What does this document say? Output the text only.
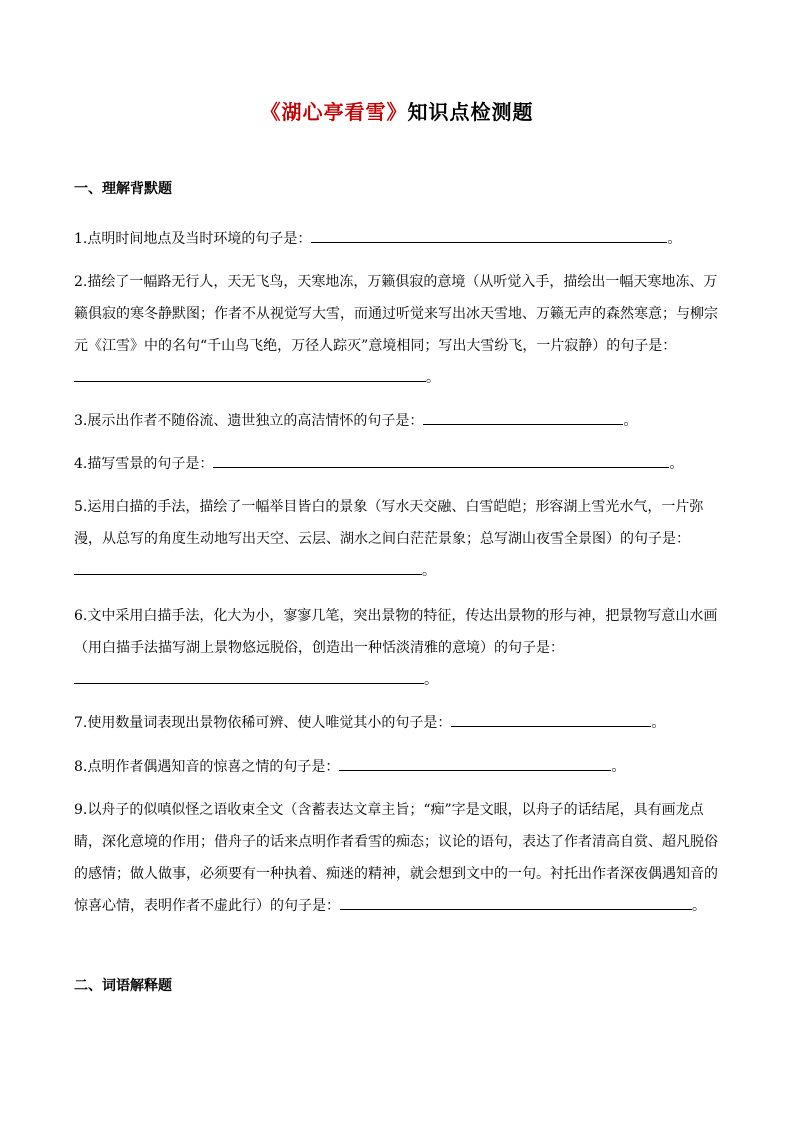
《湖心亭看雪》知识点检测题
一、理解背默题

1.点明时间地点及当时环境的句子是：	。

2.描绘了一幅路无行人，天无飞鸟，天寒地冻，万籁俱寂的意境（从听觉入手，描绘出一幅天寒地冻、万籁俱寂的寒冬静默图；作者不从视觉写大雪，而通过听觉来写出冰天雪地、万籁无声的森然寒意；与柳宗元《江雪》中的名句“千山鸟飞绝，万径人踪灭”意境相同；写出大雪纷飞，一片寂静）的句子是：。

3.展示出作者不随俗流、遗世独立的高洁情怀的句子是：	。

4.描写雪景的句子是：	。

5.运用白描的手法，描绘了一幅举目皆白的景象（写水天交融、白雪皑皑；形容湖上雪光水气，一片弥漫，从总写的角度生动地写出天空、云层、湖水之间白茫茫景象；总写湖山夜雪全景图）的句子是：。

6.文中采用白描手法，化大为小，寥寥几笔，突出景物的特征，传达出景物的形与神，把景物写意山水画（用白描手法描写湖上景物悠远脱俗，创造出一种恬淡清雅的意境）的句子是：。

7.使用数量词表现出景物依稀可辨、使人唯觉其小的句子是：	。

8.点明作者偶遇知音的惊喜之情的句子是：	。

9.以舟子的似嗔似怪之语收束全文（含蓄表达文章主旨；“痴”字是文眼，以舟子的话结尾，具有画龙点睛，深化意境的作用；借舟子的话来点明作者看雪的痴态；议论的语句，表达了作者清高自赏、超凡脱俗的感情；做人做事，必须要有一种执着、痴迷的精神，就会想到文中的一句。衬托出作者深夜偶遇知音的惊喜心情，表明作者不虚此行）的句子是：	。

二、词语解释题
